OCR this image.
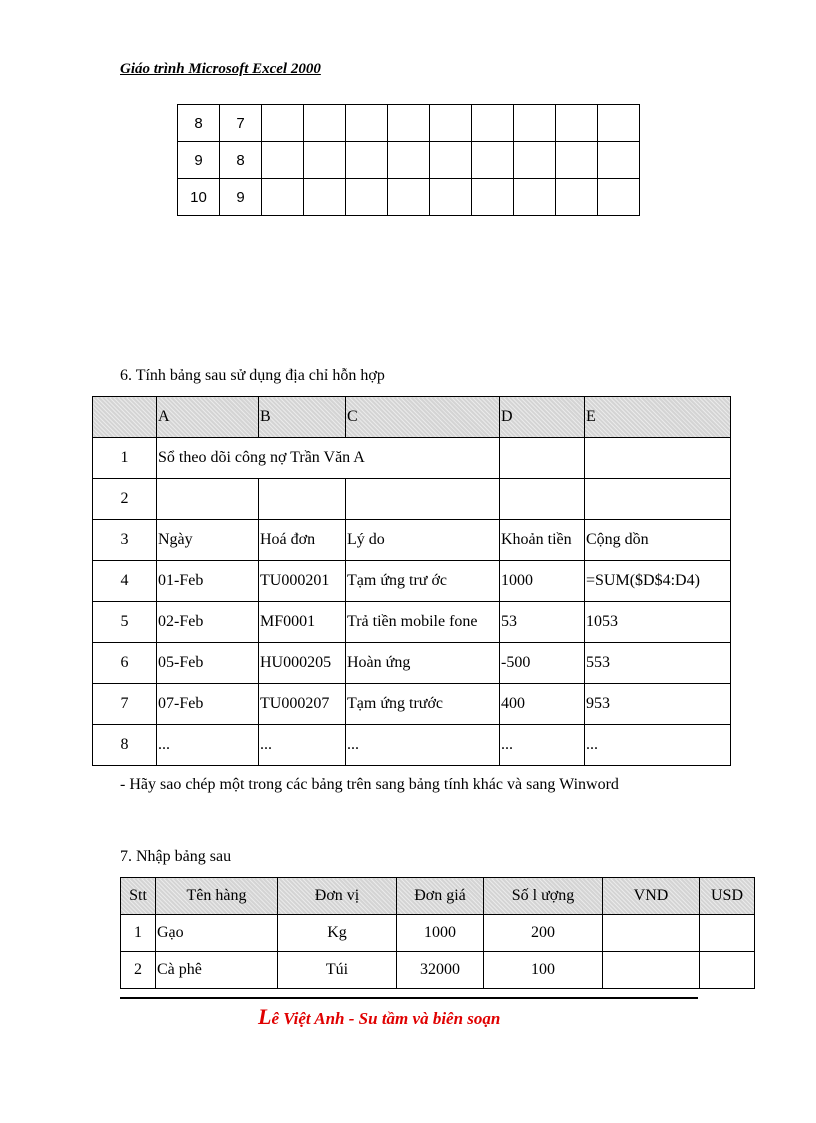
Giáo trình Microsoft Excel 2000
8	7									
9	8									
10	9									
6. Tính bảng sau sử dụng địa chỉ hỗn hợp
	A	B	C	D	E
1	Sổ theo dõi công nợ Trần Văn A				
2					
3	Ngày	Hoá đơn	Lý do	Khoản tiền	Cộng dồn
4	01-Feb	TU000201	Tạm ứng trư ớc	1000	=SUM($D$4:D4)
5	02-Feb	MF0001	Trả tiền mobile fone	53	1053
6	05-Feb	HU000205	Hoàn ứng	-500	553
7	07-Feb	TU000207	Tạm ứng trước	400	953
8	...	...	...	...	...
- Hãy sao chép một trong các bảng trên sang bảng tính khác và sang Winword
7. Nhập bảng sau
Stt	Tên hàng	Đơn vị	Đơn giá	Số l ượng	VND	USD
1	Gạo	Kg	1000	200		
2	Cà phê	Túi	32000	100		
Lê Việt Anh - Su tầm và biên soạn
